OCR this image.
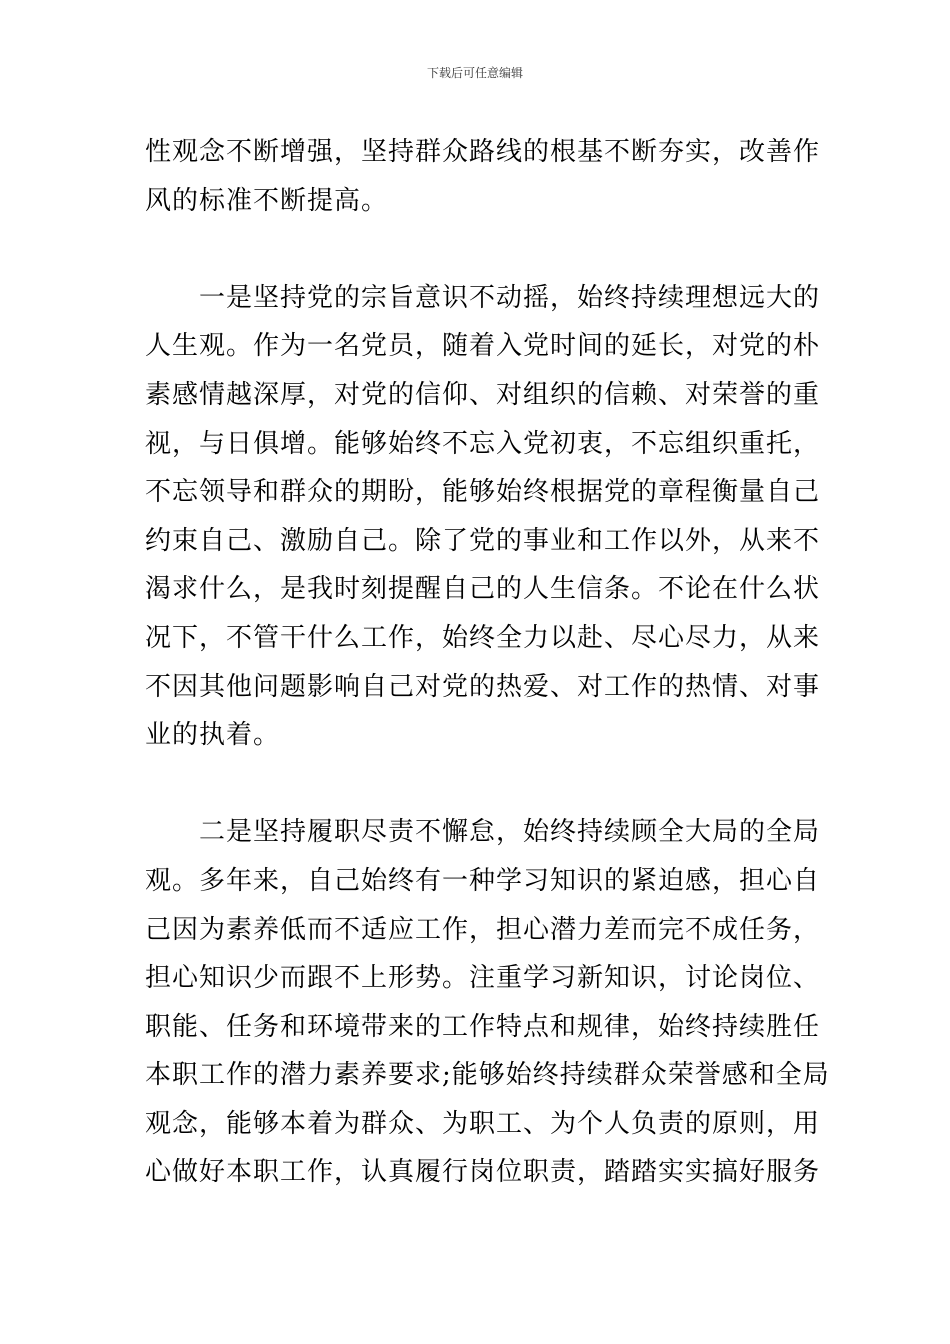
下载后可任意编辑
性观念不断增强，坚持群众路线的根基不断夯实，改善作
风的标准不断提高。
　　一是坚持党的宗旨意识不动摇，始终持续理想远大的
人生观。作为一名党员，随着入党时间的延长，对党的朴
素感情越深厚，对党的信仰、对组织的信赖、对荣誉的重
视，与日俱增。能够始终不忘入党初衷，不忘组织重托，
不忘领导和群众的期盼，能够始终根据党的章程衡量自己
约束自己、激励自己。除了党的事业和工作以外，从来不
渴求什么，是我时刻提醒自己的人生信条。不论在什么状
况下，不管干什么工作，始终全力以赴、尽心尽力，从来
不因其他问题影响自己对党的热爱、对工作的热情、对事
业的执着。
　　二是坚持履职尽责不懈怠，始终持续顾全大局的全局
观。多年来，自己始终有一种学习知识的紧迫感，担心自
己因为素养低而不适应工作，担心潜力差而完不成任务，
担心知识少而跟不上形势。注重学习新知识，讨论岗位、
职能、任务和环境带来的工作特点和规律，始终持续胜任
本职工作的潜力素养要求;能够始终持续群众荣誉感和全局
观念，能够本着为群众、为职工、为个人负责的原则，用
心做好本职工作，认真履行岗位职责，踏踏实实搞好服务
